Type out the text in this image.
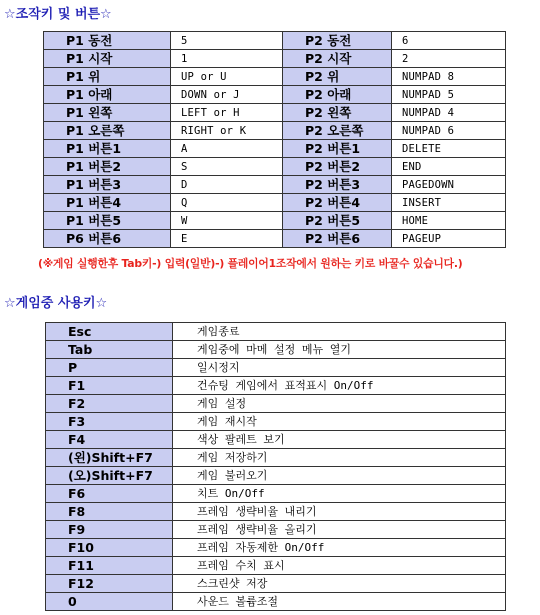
☆조작키 및 버튼☆
P1 동전	5	P2 동전	6
P1 시작	1	P2 시작	2
P1 위	UP or U	P2 위	NUMPAD 8
P1 아래	DOWN or J	P2 아래	NUMPAD 5
P1 왼쪽	LEFT or H	P2 왼쪽	NUMPAD 4
P1 오른쪽	RIGHT or K	P2 오른쪽	NUMPAD 6
P1 버튼1	A	P2 버튼1	DELETE
P1 버튼2	S	P2 버튼2	END
P1 버튼3	D	P2 버튼3	PAGEDOWN
P1 버튼4	Q	P2 버튼4	INSERT
P1 버튼5	W	P2 버튼5	HOME
P6 버튼6	E	P2 버튼6	PAGEUP
(※게임 실행한후 Tab키-) 입력(일반)-) 플레이어1조작에서 원하는 키로 바꿀수 있습니다.)
☆게임중 사용키☆
Esc	게임종료
Tab	게임중에 마메 설정 메뉴 열기
P	일시정지
F1	건슈팅 게임에서 표적표시 On/Off
F2	게임 설정
F3	게임 재시작
F4	색상 팔레트 보기
(왼)Shift+F7	게임 저장하기
(오)Shift+F7	게임 불러오기
F6	치트 On/Off
F8	프레임 생략비율 내리기
F9	프레임 생략비율 올리기
F10	프레임 자동제한 On/Off
F11	프레임 수치 표시
F12	스크린샷 저장
0	사운드 볼륨조절
